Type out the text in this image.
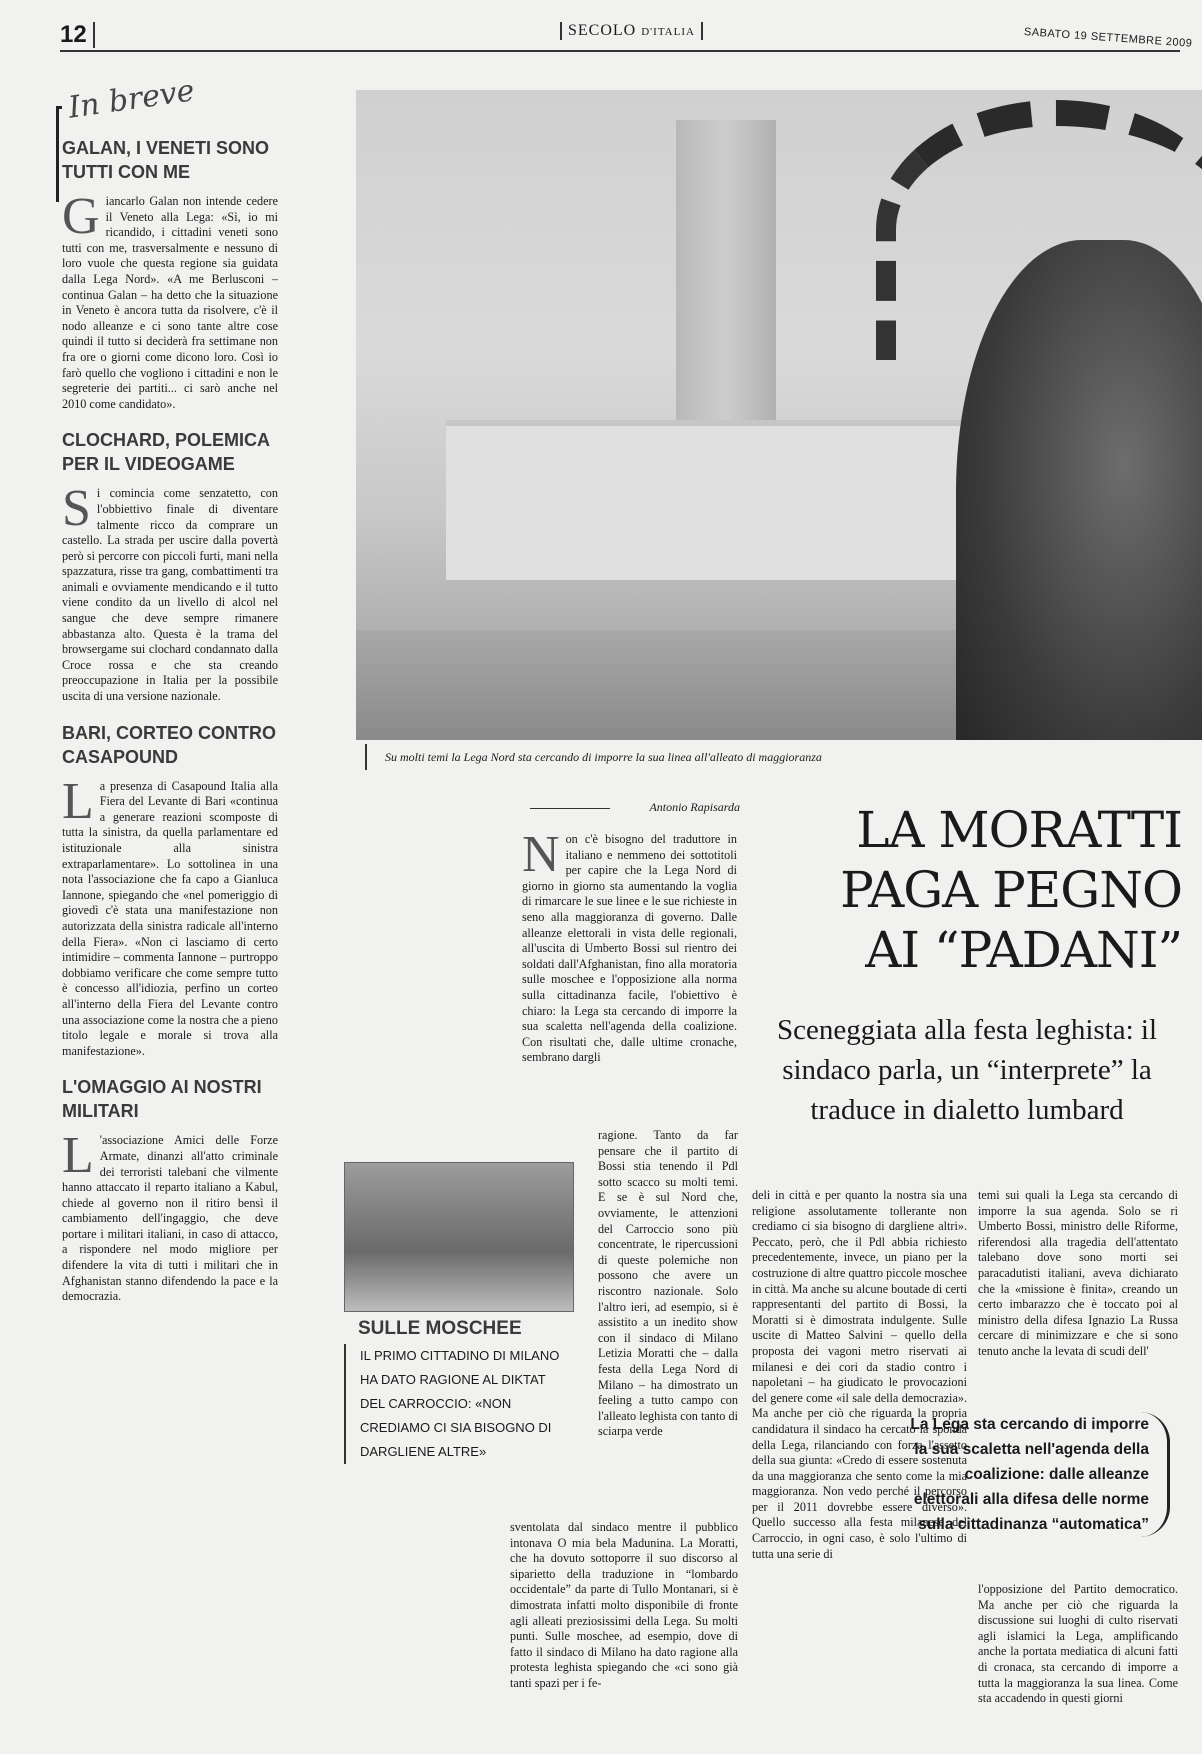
12	SECOLO D'ITALIA	SABATO 19 SETTEMBRE 2009
In breve
GALAN, I VENETI SONO TUTTI CON ME

Giancarlo Galan non intende cedere il Veneto alla Lega: «Sì, io mi ricandido, i cittadini veneti sono tutti con me, trasversalmente e nessuno di loro vuole che questa regione sia guidata dalla Lega Nord». «A me Berlusconi – continua Galan – ha detto che la situazione in Veneto è ancora tutta da risolvere, c'è il nodo alleanze e ci sono tante altre cose quindi il tutto si deciderà fra settimane non fra ore o giorni come dicono loro. Così io farò quello che vogliono i cittadini e non le segreterie dei partiti... ci sarò anche nel 2010 come candidato».

CLOCHARD, POLEMICA PER IL VIDEOGAME

Si comincia come senzatetto, con l'obbiettivo finale di diventare talmente ricco da comprare un castello. La strada per uscire dalla povertà però si percorre con piccoli furti, mani nella spazzatura, risse tra gang, combattimenti tra animali e ovviamente mendicando e il tutto viene condito da un livello di alcol nel sangue che deve sempre rimanere abbastanza alto. Questa è la trama del browsergame sui clochard condannato dalla Croce rossa e che sta creando preoccupazione in Italia per la possibile uscita di una versione nazionale.

BARI, CORTEO CONTRO CASAPOUND

La presenza di Casapound Italia alla Fiera del Levante di Bari «continua a generare reazioni scomposte di tutta la sinistra, da quella parlamentare ed istituzionale alla sinistra extraparlamentare». Lo sottolinea in una nota l'associazione che fa capo a Gianluca Iannone, spiegando che «nel pomeriggio di giovedì c'è stata una manifestazione non autorizzata della sinistra radicale all'interno della Fiera». «Non ci lasciamo di certo intimidire – commenta Iannone – purtroppo dobbiamo verificare che come sempre tutto è concesso all'idiozia, perfino un corteo all'interno della Fiera del Levante contro una associazione come la nostra che a pieno titolo legale e morale si trova alla manifestazione».

L'OMAGGIO AI NOSTRI MILITARI

L 'associazione Amici delle Forze Armate, dinanzi all'atto criminale dei terroristi talebani che vilmente hanno attaccato il reparto italiano a Kabul, chiede al governo non il ritiro bensì il cambiamento dell'ingaggio, che deve portare i militari italiani, in caso di attacco, a rispondere nel modo migliore per difendere la vita di tutti i militari che in Afghanistan stanno difendendo la pace e la democrazia.

Su molti temi la Lega Nord sta cercando di imporre la sua linea all'alleato di maggioranza
Antonio Rapisarda	LA MORATTI PAGA PEGNO AI “PADANI”
Sceneggiata alla festa leghista: il sindaco parla, un “interprete” la traduce in dialetto lumbard
Non c'è bisogno del traduttore in italiano e nemmeno dei sottotitoli per capire che la Lega Nord di giorno in giorno sta aumentando la voglia di rimarcare le sue linee e le sue richieste in seno alla maggioranza di governo. Dalle alleanze elettorali in vista delle regionali, all'uscita di Umberto Bossi sul rientro dei soldati dall'Afghanistan, fino alla moratoria sulle moschee e l'opposizione alla norma sulla cittadinanza facile, l'obiettivo è chiaro: la Lega sta cercando di imporre la sua scaletta nell'agenda della coalizione. Con risultati che, dalle ultime cronache, sembrano dargli
ragione. Tanto da far pensare che il partito di Bossi stia tenendo il Pdl sotto scacco su molti temi. E se è sul Nord che, ovviamente, le attenzioni del Carroccio sono più concentrate, le ripercussioni di queste polemiche non possono che avere un riscontro nazionale. Solo l'altro ieri, ad esempio, si è assistito a un inedito show con il sindaco di Milano Letizia Moratti che – dalla festa della Lega Nord di Milano – ha dimostrato un feeling a tutto campo con l'alleato leghista con tanto di sciarpa verde
sventolata dal sindaco mentre il pubblico intonava O mia bela Madunina. La Moratti, che ha dovuto sottoporre il suo discorso al siparietto della traduzione in “lombardo occidentale” da parte di Tullo Montanari, si è dimostrata infatti molto disponibile di fronte agli alleati preziosissimi della Lega. Su molti punti. Sulle moschee, ad esempio, dove di fatto il sindaco di Milano ha dato ragione alla protesta leghista spiegando che «ci sono già tanti spazi per i fe-
deli in città e per quanto la nostra sia una religione assolutamente tollerante non crediamo ci sia bisogno di dargliene altri». Peccato, però, che il Pdl abbia richiesto precedentemente, invece, un piano per la costruzione di altre quattro piccole moschee in città. Ma anche su alcune boutade di certi rappresentanti del partito di Bossi, la Moratti si è dimostrata indulgente. Sulle uscite di Matteo Salvini – quello della proposta dei vagoni metro riservati ai milanesi e dei cori da stadio contro i napoletani – ha giudicato le provocazioni del genere come «il sale della democrazia». Ma anche per ciò che riguarda la propria candidatura il sindaco ha cercato la sponda della Lega, rilanciando con forza l'assetto della sua giunta: «Credo di essere sostenuta da una maggioranza che sento come la mia maggioranza. Non vedo perché il percorso per il 2011 dovrebbe essere diverso». Quello successo alla festa milanese del Carroccio, in ogni caso, è solo l'ultimo di tutta una serie di
temi sui quali la Lega sta cercando di imporre la sua agenda. Solo se ri Umberto Bossi, ministro delle Riforme, riferendosi alla tragedia dell'attentato talebano dove sono morti sei paracadutisti italiani, aveva dichiarato che la «missione è finita», creando un certo imbarazzo che è toccato poi al ministro della difesa Ignazio La Russa cercare di minimizzare e che si sono tenuto anche la levata di scudi dell'
l'opposizione del Partito democratico. Ma anche per ciò che riguarda la discussione sui luoghi di culto riservati agli islamici la Lega, amplificando anche la portata mediatica di alcuni fatti di cronaca, sta cercando di imporre a tutta la maggioranza la sua linea. Come sta accadendo in questi giorni
SULLE MOSCHEE
IL PRIMO CITTADINO DI MILANO HA DATO RAGIONE AL DIKTAT DEL CARROCCIO: «NON CREDIAMO CI SIA BISOGNO DI DARGLIENE ALTRE»
La Lega sta cercando di imporre la sua scaletta nell'agenda della coalizione: dalle alleanze elettorali alla difesa delle norme sulla cittadinanza “automatica”
